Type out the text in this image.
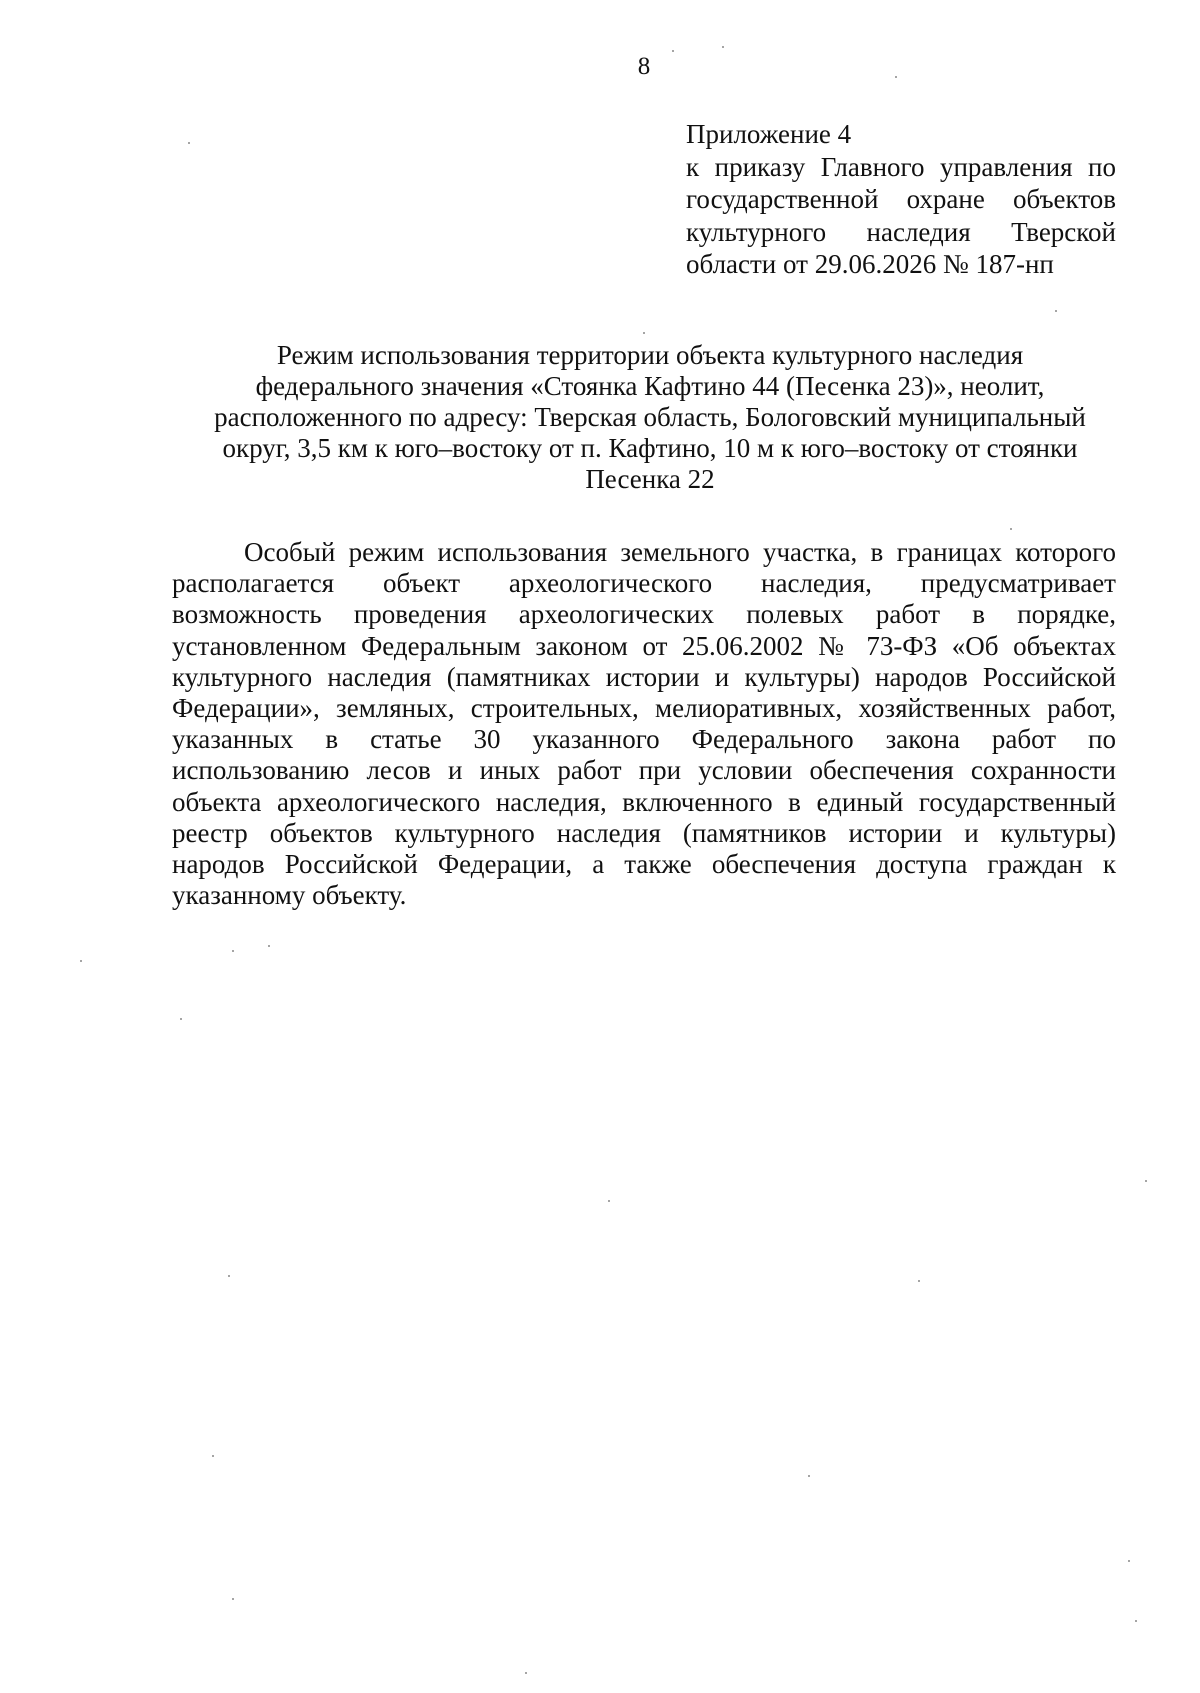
8
Приложение 4
к приказу Главного управления по
государственной охране объектов
культурного наследия Тверской
области от 29.06.2026 № 187-нп
Режим использования территории объекта культурного наследия
федерального значения «Стоянка Кафтино 44 (Песенка 23)», неолит,
расположенного по адресу: Тверская область, Бологовский муниципальный
округ, 3,5 км к юго–востоку от п. Кафтино, 10 м к юго–востоку от стоянки
Песенка 22
Особый режим использования земельного участка, в границах которого
располагается объект археологического наследия, предусматривает
возможность проведения археологических полевых работ в порядке,
установленном Федеральным законом от 25.06.2002 № 73-ФЗ «Об объектах
культурного наследия (памятниках истории и культуры) народов Российской
Федерации», земляных, строительных, мелиоративных, хозяйственных работ,
указанных в статье 30 указанного Федерального закона работ по
использованию лесов и иных работ при условии обеспечения сохранности
объекта археологического наследия, включенного в единый государственный
реестр объектов культурного наследия (памятников истории и культуры)
народов Российской Федерации, а также обеспечения доступа граждан к
указанному объекту.
